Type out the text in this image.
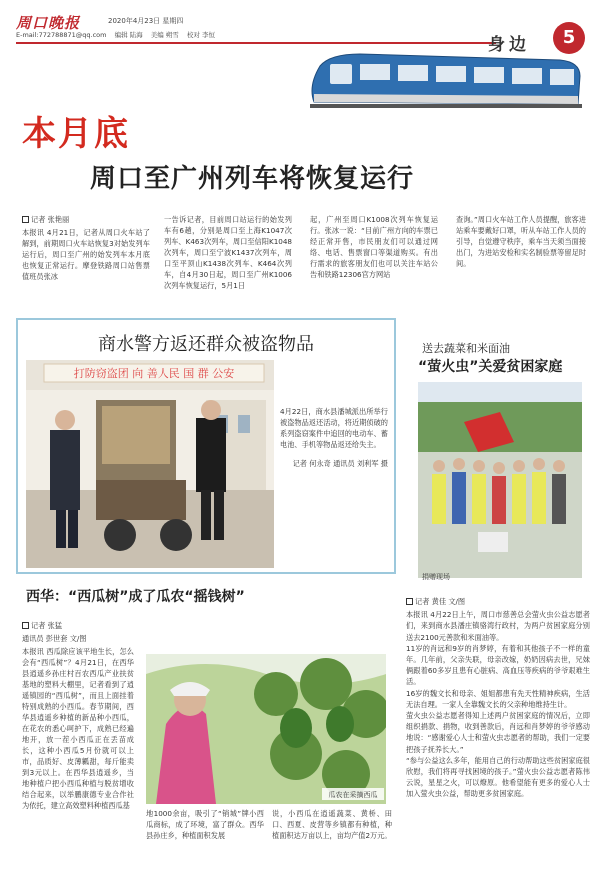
周口晚报	2020年4月23日 星期四
E-mail:772788871@qq.com 编辑 陆海 美编 朔雪 校对 李恒	身边	5
本月底
周口至广州列车将恢复运行
记者 张艳丽
本报讯 4月21日，记者从周口火车站了解到，前期周口火车站恢复3对始发列车运行后，周口至广州的始发列车本月底也恢复正常运行。摩登铁路周口站售票值班员张冰
一告诉记者，目前周口站运行的始发列车有6趟，分别是周口至上海K1047次列车、K463次列车，周口至信阳K1048次列车，周口至宁波K1437次列车，周口至平顶山K1438次列车、K464次列车，自4月30日起，周口至广州K1006次列车恢复运行，5月1日
起，广州至周口K1008次列车恢复运行。张冰一说：“目前广州方向的车票已经正常开售，市民朋友们可以通过网络、电话、售票窗口等渠道购买。有出行需求的旅客朋友们也可以关注车站公告和铁路12306官方网站
查询。”周口火车站工作人员提醒，旅客进站乘车要戴好口罩，听从车站工作人员的引导，自觉遵守秩序，乘车当天须当面接出门，为进站安检和实名制验票等留足时间。
商水警方返还群众被盗物品
打防窃盗团 向 善人民 国 群 公安
4月22日，商水县潘城派出所举行被盗物品返还活动，将近期侦破的系列盗窃案件中追回的电动车、蓄电池、手机等物品返还给失主。
记者 何永奇 通讯员 刘利军 摄
送去蔬菜和米面油
“萤火虫”关爱贫困家庭
捐赠现场
记者 黄佳 文/图
本报讯 4月22日上午，周口市慈善总会萤火虫公益志愿者们，来到商水县潘庄镇骆湾行政村，为两户贫困家庭分别送去2100元善款和米面油等。
11岁的肖远和9岁的肖梦婷，有着和其他孩子不一样的童年。几年前，父亲失联，母亲改嫁，奶奶因病去世，兄妹俩跟着60多岁且患有心脏病、高血压等疾病的爷爷艰难生活。
16岁的魏文长和母亲、姐姐都患有先天性精神疾病，生活无法自理。一家人全靠魏文长的父亲种地维持生计。
萤火虫公益志愿者得知上述两户贫困家庭的情况后，立即组织捐款、捐物，收到善款后，肖远和肖梦婷的爷爷感动地说：“感谢爱心人士和萤火虫志愿者的帮助，我们一定要把孩子抚养长大。”
“参与公益这么多年，能用自己的行动帮助这些贫困家庭很欣慰，我们将再寻找困境的孩子。”萤火虫公益志愿者陈伟云说，星星之火，可以燎原。他希望能有更多的爱心人士加入萤火虫公益，帮助更多贫困家庭。
西华：“西瓜树”成了瓜农“摇钱树”
记者 张猛
通讯员 彭世套 文/图
本报讯 西瓜除应该平地生长，怎么会有“西瓜树”？4月21日，在西华县逍遥乡孙庄村百农西瓜产业扶贫基地的塑料大棚里，记者看到了逍遥镇园的“西瓜树”，而且上面挂着特别成熟的小西瓜。春节期间，西华县逍遥乡种植的新品种小西瓜，在花农的悉心呵护下，成熟已经遍地开，放一茬小西瓜正在丢苗成长，这种小西瓜5月份就可以上市，品质好、皮薄瓤甜，每斤能卖到3元以上。在西华县逍遥乡，当地种植户把小西瓜种植与脱贫增收结合起来，以举鹏康德专业合作社为依托，建立高效塑料种植西瓜基
瓜农在采摘西瓜
地1000余亩，吸引了“销城”牌小西瓜商标，成了环境，富了群众。西华县孙庄乡，种植面积发展
说，小西瓜在逍遥蔬菜、黄桥、田口、西夏、皮营等乡镇都有种植，种植面积达万亩以上，亩均产值2万元。
